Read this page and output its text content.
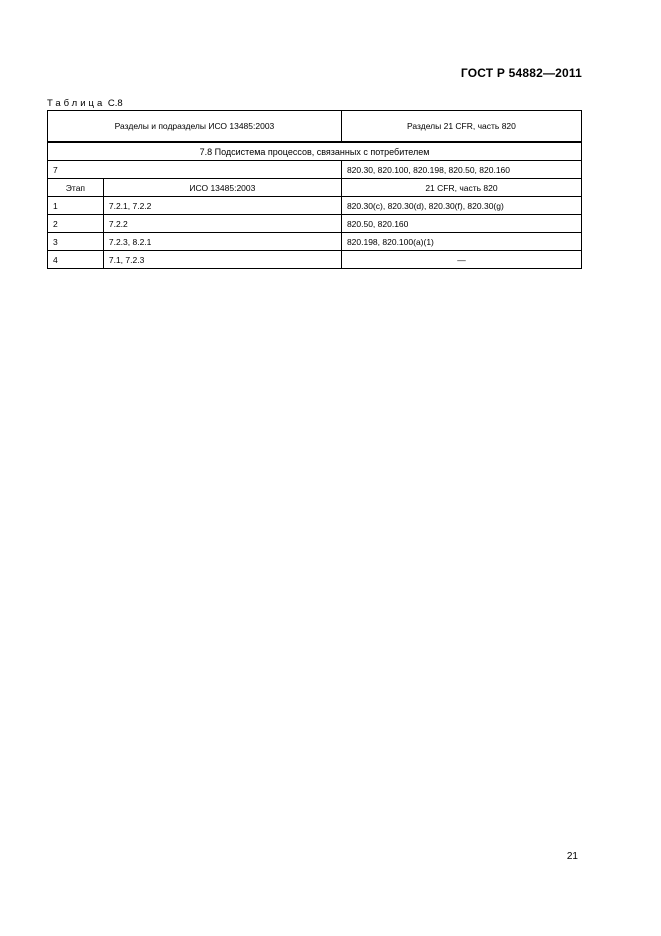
ГОСТ Р 54882—2011
Таблица С.8
Разделы и подразделы ИСО 13485:2003		Разделы 21 CFR, часть 820
7.8 Подсистема процессов, связанных с потребителем		
7		820.30, 820.100, 820.198, 820.50, 820.160
Этап	ИСО 13485:2003	21 CFR, часть 820
1	7.2.1, 7.2.2	820.30(c), 820.30(d), 820.30(f), 820.30(g)
2	7.2.2	820.50, 820.160
3	7.2.3, 8.2.1	820.198, 820.100(a)(1)
4	7.1, 7.2.3	—
21
